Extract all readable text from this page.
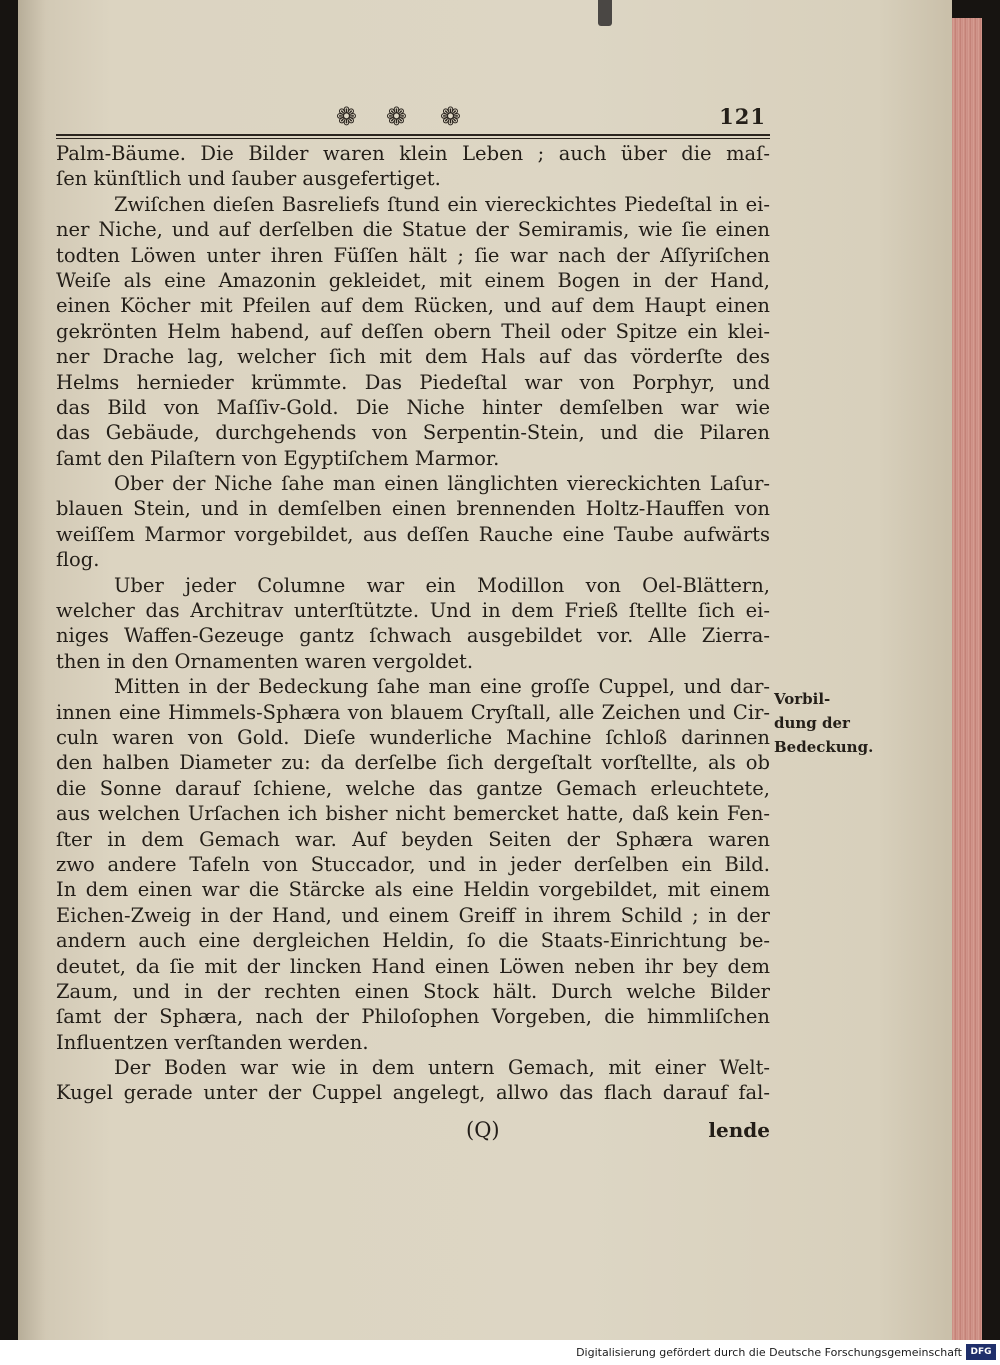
❁ ❁ ❁	121
Palm-Bäume. Die Bilder waren klein Leben ; auch über die maſ-
ſen künſtlich und ſauber ausgefertiget.
Zwiſchen dieſen Basreliefs ſtund ein viereckichtes Piedeſtal in ei-
ner Niche, und auf derſelben die Statue der Semiramis, wie ſie einen
todten Löwen unter ihren Füſſen hält ; ſie war nach der Aſſyriſchen
Weiſe als eine Amazonin gekleidet, mit einem Bogen in der Hand,
einen Köcher mit Pfeilen auf dem Rücken, und auf dem Haupt einen
gekrönten Helm habend, auf deſſen obern Theil oder Spitze ein klei-
ner Drache lag, welcher ſich mit dem Hals auf das vörderſte des
Helms hernieder krümmte. Das Piedeſtal war von Porphyr, und
das Bild von Maſſiv-Gold. Die Niche hinter demſelben war wie
das Gebäude, durchgehends von Serpentin-Stein, und die Pilaren
ſamt den Pilaſtern von Egyptiſchem Marmor.
Ober der Niche ſahe man einen länglichten viereckichten Laſur-
blauen Stein, und in demſelben einen brennenden Holtz-Hauffen von
weiſſem Marmor vorgebildet, aus deſſen Rauche eine Taube aufwärts
flog.
Uber jeder Columne war ein Modillon von Oel-Blättern,
welcher das Architrav unterſtützte. Und in dem Frieß ſtellte ſich ei-
niges Waffen-Gezeuge gantz ſchwach ausgebildet vor. Alle Zierra-
then in den Ornamenten waren vergoldet.
Mitten in der Bedeckung ſahe man eine groſſe Cuppel, und dar-
innen eine Himmels-Sphæra von blauem Cryſtall, alle Zeichen und Cir-
culn waren von Gold. Dieſe wunderliche Machine ſchloß darinnen
den halben Diameter zu: da derſelbe ſich dergeſtalt vorſtellte, als ob
die Sonne darauf ſchiene, welche das gantze Gemach erleuchtete,
aus welchen Urſachen ich bisher nicht bemercket hatte, daß kein Fen-
ſter in dem Gemach war. Auf beyden Seiten der Sphæra waren
zwo andere Tafeln von Stuccador, und in jeder derſelben ein Bild.
In dem einen war die Stärcke als eine Heldin vorgebildet, mit einem
Eichen-Zweig in der Hand, und einem Greiff in ihrem Schild ; in der
andern auch eine dergleichen Heldin, ſo die Staats-Einrichtung be-
deutet, da ſie mit der lincken Hand einen Löwen neben ihr bey dem
Zaum, und in der rechten einen Stock hält. Durch welche Bilder
ſamt der Sphæra, nach der Philoſophen Vorgeben, die himmliſchen
Influentzen verſtanden werden.
Der Boden war wie in dem untern Gemach, mit einer Welt-
Kugel gerade unter der Cuppel angelegt, allwo das flach darauf fal-
Vorbil-
dung der
Bedeckung.
(Q)	lende
Digitalisierung gefördert durch die Deutsche Forschungsgemeinschaft DFG
